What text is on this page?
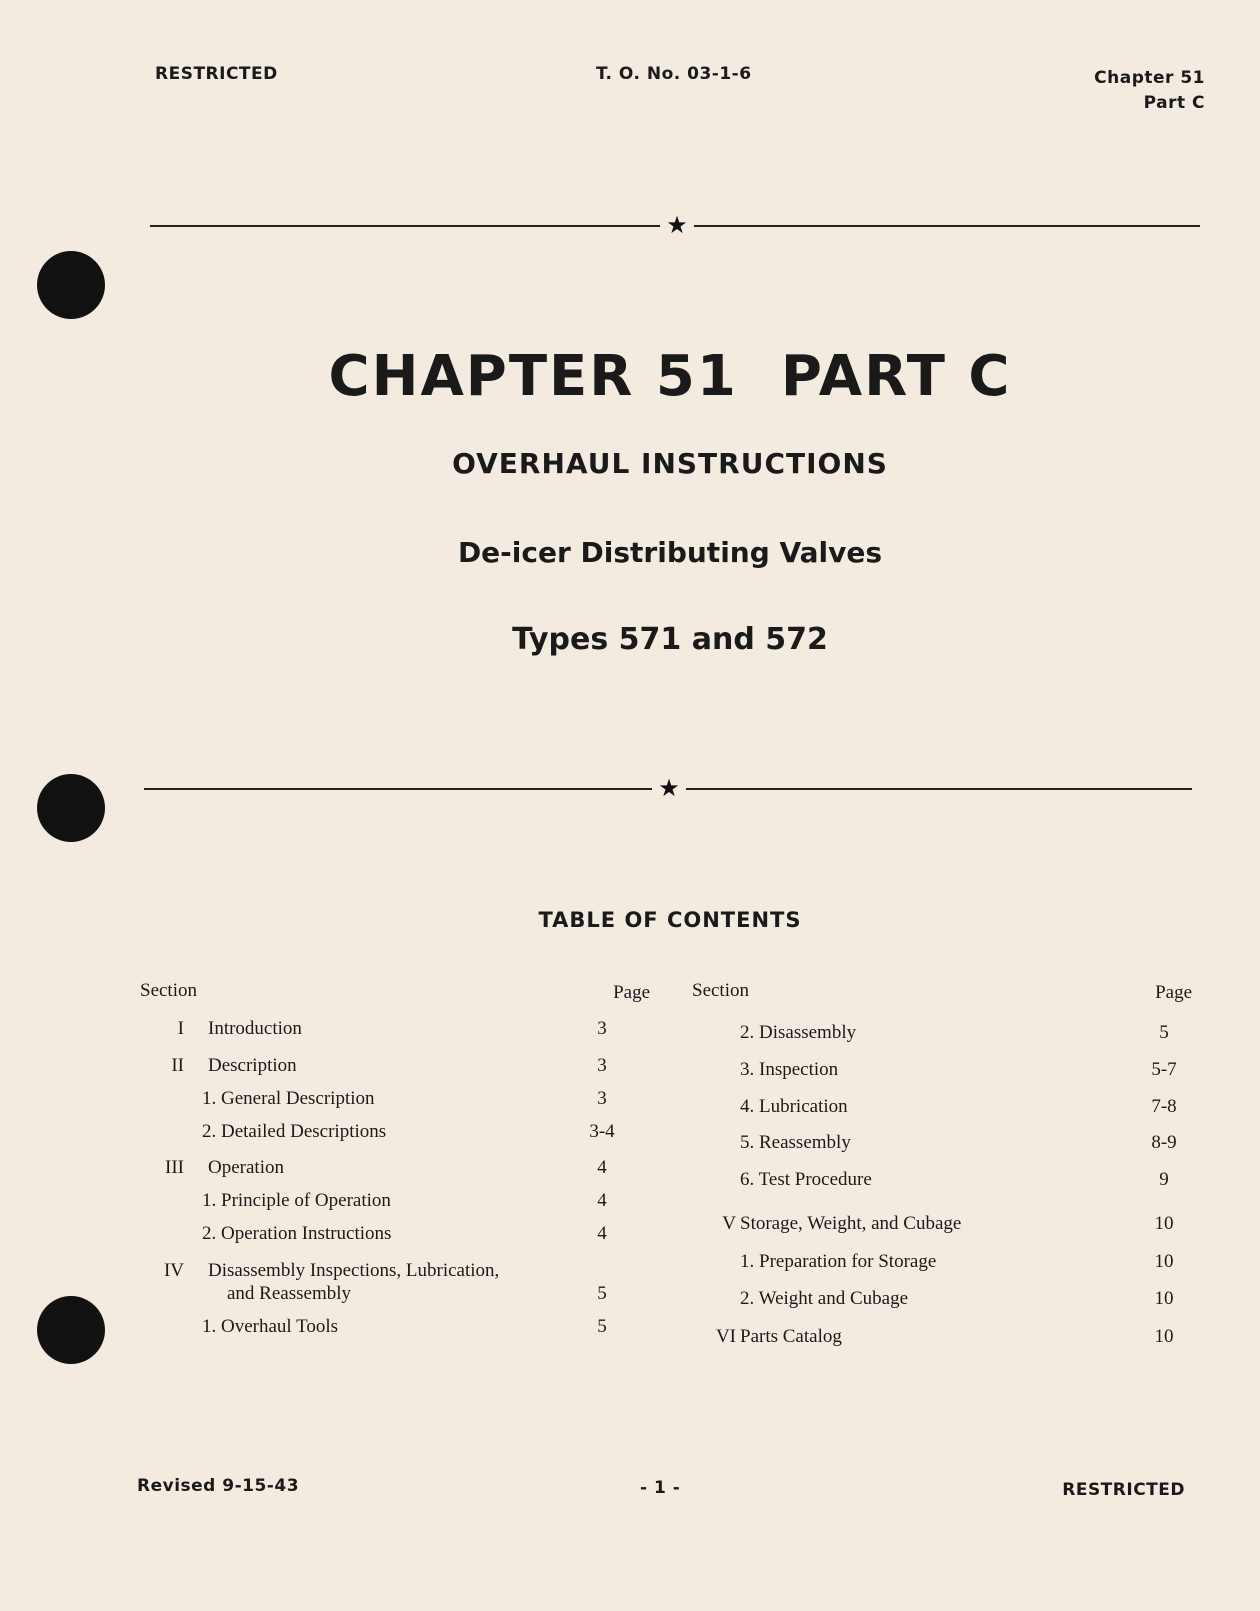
RESTRICTED	T. O. No. 03-1-6	Chapter 51
Part C
★
CHAPTER 51  PART C
OVERHAUL INSTRUCTIONS
De-icer Distributing Valves
Types 571 and 572
★
TABLE OF CONTENTS
Section	Page
I Introduction	3
II Description	3
1. General Description	3
2. Detailed Descriptions	3-4
III Operation	4
1. Principle of Operation	4
2. Operation Instructions	4
IV Disassembly Inspections, Lubrication,
and Reassembly	5
1. Overhaul Tools	5
Section	Page
2. Disassembly	5
3. Inspection	5-7
4. Lubrication	7-8
5. Reassembly	8-9
6. Test Procedure	9
V Storage, Weight, and Cubage	10
1. Preparation for Storage	10
2. Weight and Cubage	10
VI Parts Catalog	10
Revised 9-15-43	- 1 -	RESTRICTED
